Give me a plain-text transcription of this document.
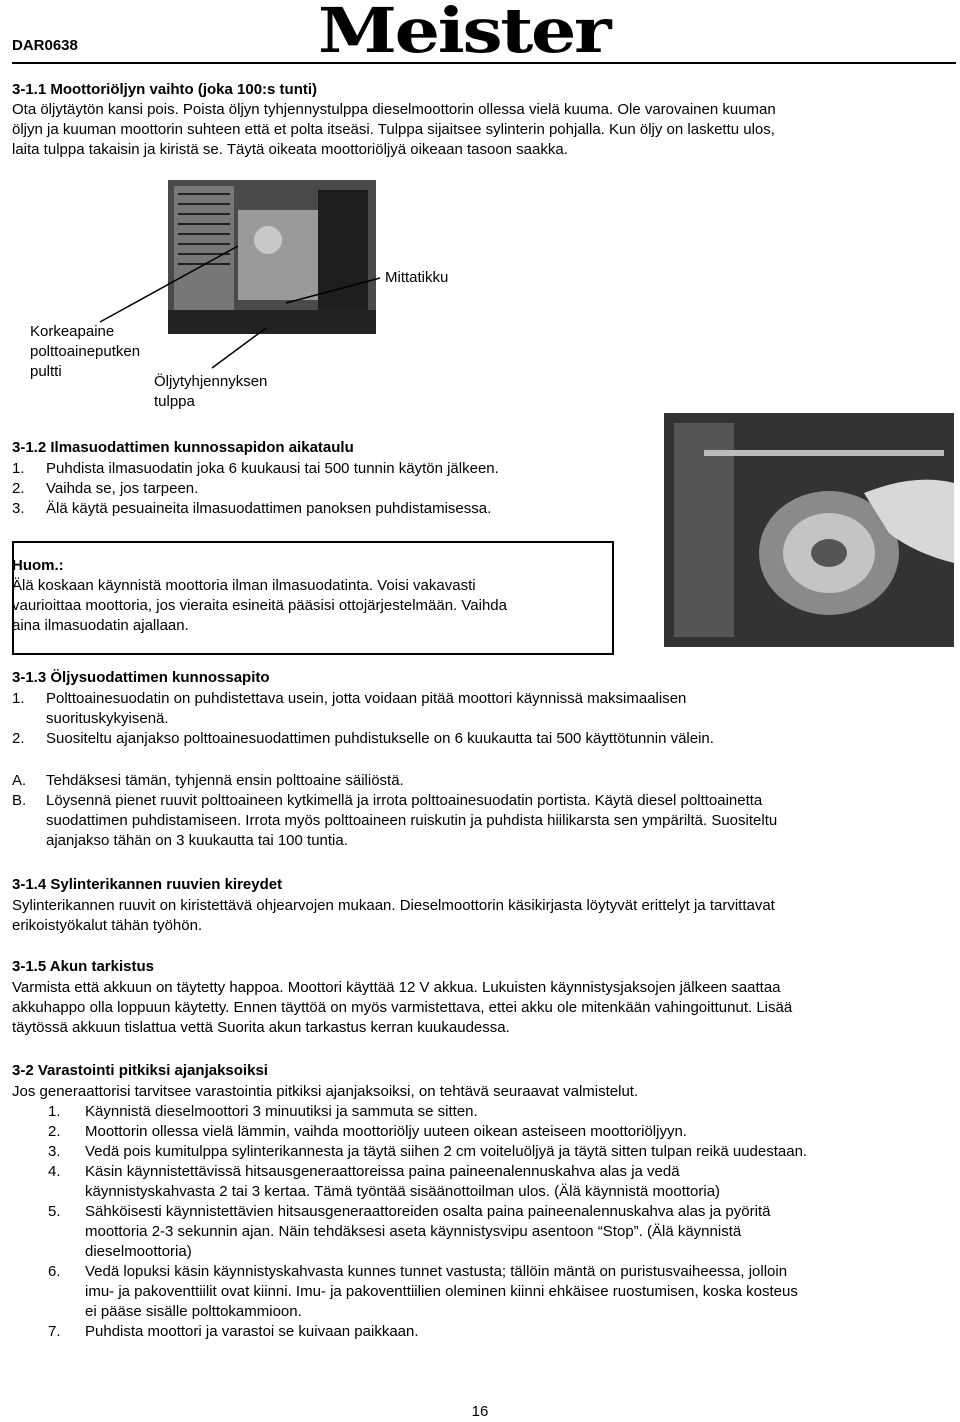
DAR0638	Meister
3-1.1 Moottoriöljyn vaihto (joka 100:s tunti)
Ota öljytäytön kansi pois. Poista öljyn tyhjennystulppa dieselmoottorin ollessa vielä kuuma. Ole varovainen kuuman
öljyn ja kuuman moottorin suhteen että et polta itseäsi. Tulppa sijaitsee sylinterin pohjalla. Kun öljy on laskettu ulos,
laita tulppa takaisin ja kiristä se. Täytä oikeata moottoriöljyä oikeaan tasoon saakka.
Mittatikku
Korkeapaine
polttoaineputken
pultti
Öljytyhjennyksen
tulppa
3-1.2 Ilmasuodattimen kunnossapidon aikataulu
1. Puhdista ilmasuodatin joka 6 kuukausi tai 500 tunnin käytön jälkeen.
2. Vaihda se, jos tarpeen.
3. Älä käytä pesuaineita ilmasuodattimen panoksen puhdistamisessa.
Huom.:
Älä koskaan käynnistä moottoria ilman ilmasuodatinta. Voisi vakavasti
vaurioittaa moottoria, jos vieraita esineitä pääsisi ottojärjestelmään. Vaihda
aina ilmasuodatin ajallaan.
3-1.3 Öljysuodattimen kunnossapito
1. Polttoainesuodatin on puhdistettava usein, jotta voidaan pitää moottori käynnissä maksimaalisen
suorituskykyisenä.
2. Suositeltu ajanjakso polttoainesuodattimen puhdistukselle on 6 kuukautta tai 500 käyttötunnin välein.
A. Tehdäksesi tämän, tyhjennä ensin polttoaine säiliöstä.
B. Löysennä pienet ruuvit polttoaineen kytkimellä ja irrota polttoainesuodatin portista. Käytä diesel polttoainetta
suodattimen puhdistamiseen. Irrota myös polttoaineen ruiskutin ja puhdista hiilikarsta sen ympäriltä. Suositeltu
ajanjakso tähän on 3 kuukautta tai 100 tuntia.
3-1.4 Sylinterikannen ruuvien kireydet
Sylinterikannen ruuvit on kiristettävä ohjearvojen mukaan. Dieselmoottorin käsikirjasta löytyvät erittelyt ja tarvittavat
erikoistyökalut tähän työhön.
3-1.5 Akun tarkistus
Varmista että akkuun on täytetty happoa. Moottori käyttää 12 V akkua. Lukuisten käynnistysjaksojen jälkeen saattaa
akkuhappo olla loppuun käytetty. Ennen täyttöä on myös varmistettava, ettei akku ole mitenkään vahingoittunut. Lisää
täytössä akkuun tislattua vettä Suorita akun tarkastus kerran kuukaudessa.
3-2 Varastointi pitkiksi ajanjaksoiksi
Jos generaattorisi tarvitsee varastointia pitkiksi ajanjaksoiksi, on tehtävä seuraavat valmistelut.
1. Käynnistä dieselmoottori 3 minuutiksi ja sammuta se sitten.
2. Moottorin ollessa vielä lämmin, vaihda moottoriöljy uuteen oikean asteiseen moottoriöljyyn.
3. Vedä pois kumitulppa sylinterikannesta ja täytä siihen 2 cm voiteluöljyä ja täytä sitten tulpan reikä uudestaan.
4. Käsin käynnistettävissä hitsausgeneraattoreissa paina paineenalennuskahva alas ja vedä
käynnistyskahvasta 2 tai 3 kertaa. Tämä työntää sisäänottoilman ulos. (Älä käynnistä moottoria)
5. Sähköisesti käynnistettävien hitsausgeneraattoreiden osalta paina paineenalennuskahva alas ja pyöritä
moottoria 2-3 sekunnin ajan. Näin tehdäksesi aseta käynnistysvipu asentoon “Stop”. (Älä käynnistä
dieselmoottoria)
6. Vedä lopuksi käsin käynnistyskahvasta kunnes tunnet vastusta; tällöin mäntä on puristusvaiheessa, jolloin
imu- ja pakoventtiilit ovat kiinni. Imu- ja pakoventtiilien oleminen kiinni ehkäisee ruostumisen, koska kosteus
ei pääse sisälle polttokammioon.
7. Puhdista moottori ja varastoi se kuivaan paikkaan.
16
